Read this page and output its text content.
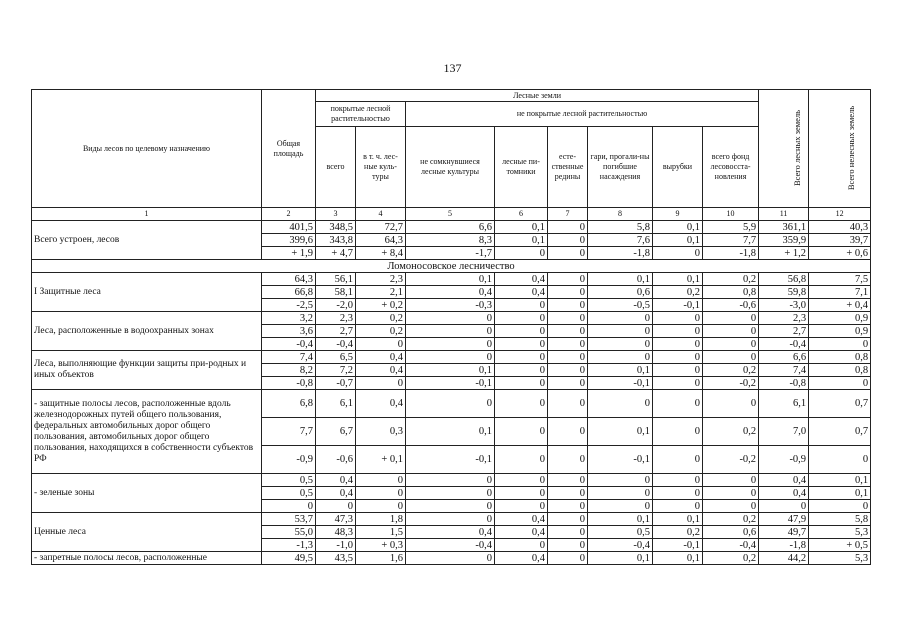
137
Виды лесов по целевому назначению	Общая площадь	Лесные земли								Всего лесных земель	Всего нелесных земель
		покрытые лесной растительностью		не покрытые лесной растительностью							
		всего	в т. ч. лес-ные куль-туры	не сомкнувшиеся лесные культуры	лесные пи-томники	есте-ственные редины	гари, прогали-ны погибшие насаждения	вырубки	всего фонд лесовосста-новления		
1	2	3	4	5	6	7	8	9	10	11	12
Всего устроен, лесов	401,5	348,5	72,7	6,6	0,1	0	5,8	0,1	5,9	361,1	40,3
	399,6	343,8	64,3	8,3	0,1	0	7,6	0,1	7,7	359,9	39,7
	+ 1,9	+ 4,7	+ 8,4	-1,7	0	0	-1,8	0	-1,8	+ 1,2	+ 0,6
Ломоносовское лесничество											
I Защитные леса	64,3	56,1	2,3	0,1	0,4	0	0,1	0,1	0,2	56,8	7,5
	66,8	58,1	2,1	0,4	0,4	0	0,6	0,2	0,8	59,8	7,1
	-2,5	-2,0	+ 0,2	-0,3	0	0	-0,5	-0,1	-0,6	-3,0	+ 0,4
Леса, расположенные в водоохранных зонах	3,2	2,3	0,2	0	0	0	0	0	0	2,3	0,9
	3,6	2,7	0,2	0	0	0	0	0	0	2,7	0,9
	-0,4	-0,4	0	0	0	0	0	0	0	-0,4	0
Леса, выполняющие функции защиты при-родных и иных объектов	7,4	6,5	0,4	0	0	0	0	0	0	6,6	0,8
	8,2	7,2	0,4	0,1	0	0	0,1	0	0,2	7,4	0,8
	-0,8	-0,7	0	-0,1	0	0	-0,1	0	-0,2	-0,8	0
- защитные полосы лесов, расположенные вдоль железнодорожных путей общего пользования, федеральных автомобильных дорог общего пользования, автомобильных дорог общего пользования, находящихся в собственности субъектов РФ	6,8	6,1	0,4	0	0	0	0	0	0	6,1	0,7
	7,7	6,7	0,3	0,1	0	0	0,1	0	0,2	7,0	0,7
	-0,9	-0,6	+ 0,1	-0,1	0	0	-0,1	0	-0,2	-0,9	0
- зеленые зоны	0,5	0,4	0	0	0	0	0	0	0	0,4	0,1
	0,5	0,4	0	0	0	0	0	0	0	0,4	0,1
	0	0	0	0	0	0	0	0	0	0	0
Ценные леса	53,7	47,3	1,8	0	0,4	0	0,1	0,1	0,2	47,9	5,8
	55,0	48,3	1,5	0,4	0,4	0	0,5	0,2	0,6	49,7	5,3
	-1,3	-1,0	+ 0,3	-0,4	0	0	-0,4	-0,1	-0,4	-1,8	+ 0,5
- запретные полосы лесов, расположенные	49,5	43,5	1,6	0	0,4	0	0,1	0,1	0,2	44,2	5,3
